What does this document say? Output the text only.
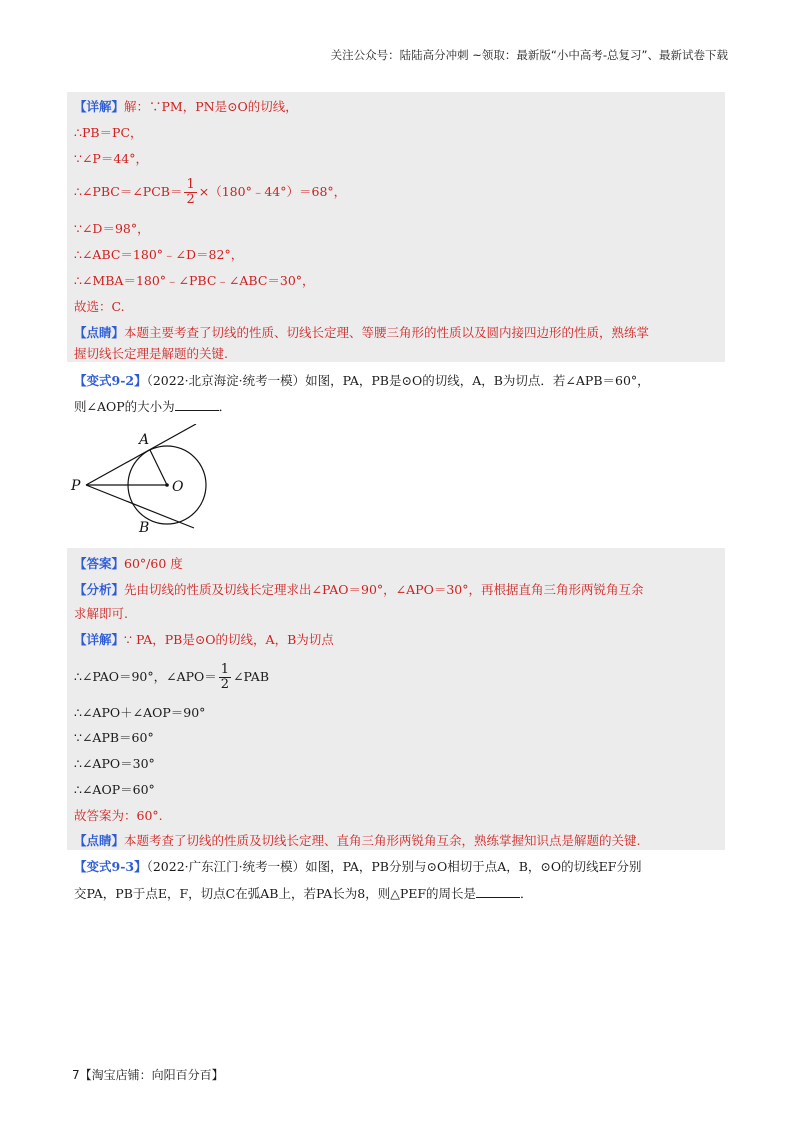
关注公众号：陆陆高分冲刺 ~领取：最新版“小中高考-总复习”、最新试卷下载
【详解】解：∵PM，PN是⊙O的切线，
∴PB＝PC，
∵∠P＝44°，
∴∠PBC＝∠PCB＝ $\frac{1}{2}$ ×（180°﹣44°）＝68°，
∵∠D＝98°，
∴∠ABC＝180°﹣∠D＝82°，
∴∠MBA＝180°﹣∠PBC﹣∠ABC＝30°，
故选：C.
【点睛】本题主要考查了切线的性质、切线长定理、等腰三角形的性质以及圆内接四边形的性质，熟练掌
握切线长定理是解题的关键.
【变式9-2】（2022·北京海淀·统考一模）如图，PA，PB是⊙O的切线，A，B为切点．若∠APB＝60°，
则∠AOP的大小为	．
P
A
O
B
【答案】60°/60 度
【分析】先由切线的性质及切线长定理求出∠PAO＝90°，∠APO＝30°，再根据直角三角形两锐角互余
求解即可.
【详解】∵ PA，PB是⊙O的切线，A，B为切点
∴∠PAO＝90°，∠APO＝ $\frac{1}{2}$ ∠PAB
∴∠APO＋∠AOP＝90°
∵∠APB＝60°
∴∠APO＝30°
∴∠AOP＝60°
故答案为：60°.
【点睛】本题考查了切线的性质及切线长定理、直角三角形两锐角互余，熟练掌握知识点是解题的关键.
【变式9-3】（2022·广东江门·统考一模）如图，PA，PB分别与⊙O相切于点A，B，⊙O的切线EF分别
交PA，PB于点E，F，切点C在弧AB上，若PA长为8，则△PEF的周长是	．
7【淘宝店铺：向阳百分百】
